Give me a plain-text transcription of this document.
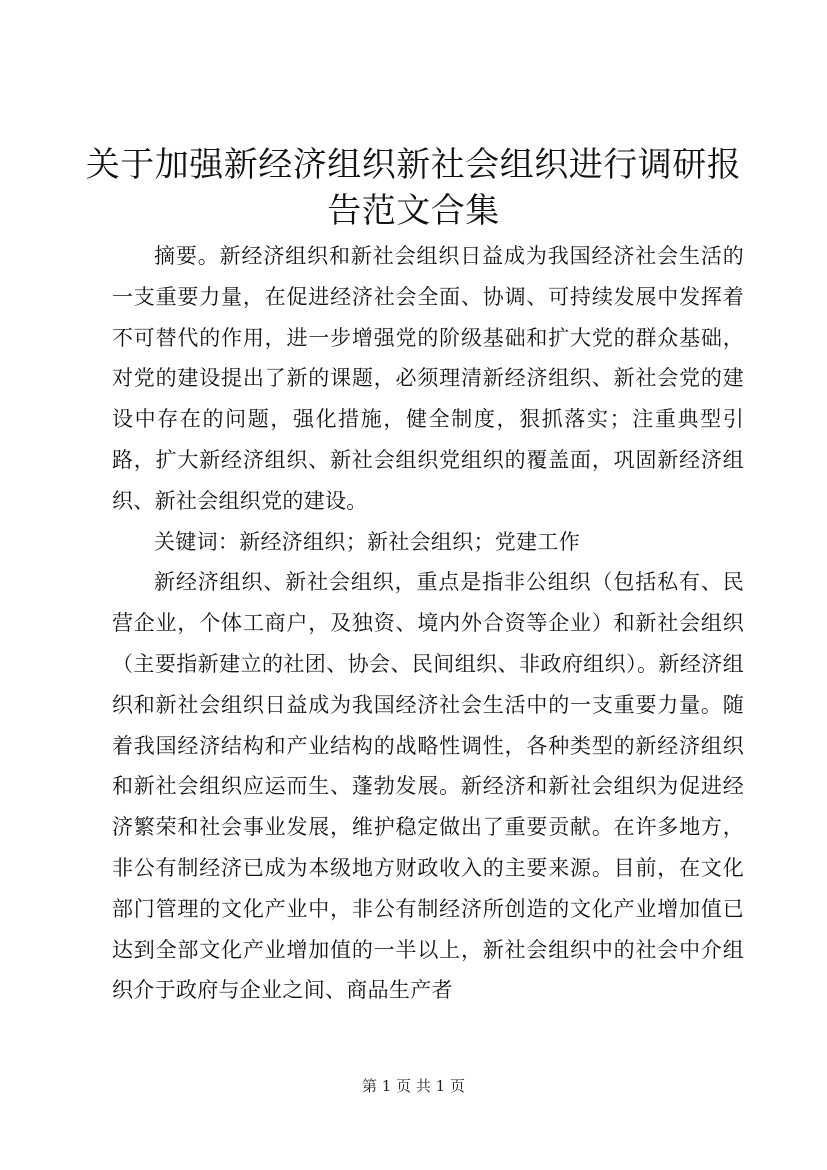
关于加强新经济组织新社会组织进行调研报告范文合集

摘要。新经济组织和新社会组织日益成为我国经济社会生活的一支重要力量，在促进经济社会全面、协调、可持续发展中发挥着不可替代的作用，进一步增强党的阶级基础和扩大党的群众基础，对党的建设提出了新的课题，必须理清新经济组织、新社会党的建设中存在的问题，强化措施，健全制度，狠抓落实；注重典型引路，扩大新经济组织、新社会组织党组织的覆盖面，巩固新经济组织、新社会组织党的建设。

关键词：新经济组织；新社会组织；党建工作

新经济组织、新社会组织，重点是指非公组织（包括私有、民营企业，个体工商户，及独资、境内外合资等企业）和新社会组织（主要指新建立的社团、协会、民间组织、非政府组织）。新经济组织和新社会组织日益成为我国经济社会生活中的一支重要力量。随着我国经济结构和产业结构的战略性调性，各种类型的新经济组织和新社会组织应运而生、蓬勃发展。新经济和新社会组织为促进经济繁荣和社会事业发展，维护稳定做出了重要贡献。在许多地方，非公有制经济已成为本级地方财政收入的主要来源。目前，在文化部门管理的文化产业中，非公有制经济所创造的文化产业增加值已达到全部文化产业增加值的一半以上，新社会组织中的社会中介组织介于政府与企业之间、商品生产者

第 1 页 共 1 页
